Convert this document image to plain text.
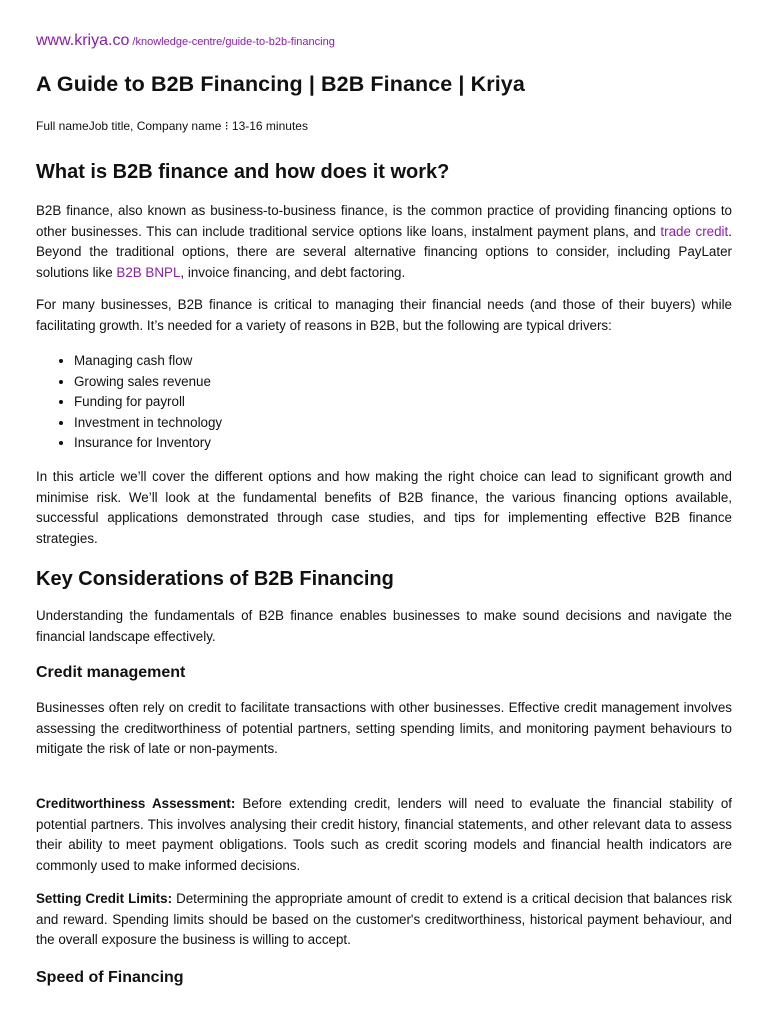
www.kriya.co /knowledge-centre/guide-to-b2b-financing
A Guide to B2B Financing | B2B Finance | Kriya
Full nameJob title, Company name ⁝ 13-16 minutes
What is B2B finance and how does it work?

B2B finance, also known as business-to-business finance, is the common practice of providing financing options to other businesses. This can include traditional service options like loans, instalment payment plans, and trade credit. Beyond the traditional options, there are several alternative financing options to consider, including PayLater solutions like B2B BNPL, invoice financing, and debt factoring.

For many businesses, B2B finance is critical to managing their financial needs (and those of their buyers) while facilitating growth. It’s needed for a variety of reasons in B2B, but the following are typical drivers:

• Managing cash flow
• Growing sales revenue
• Funding for payroll
• Investment in technology
• Insurance for Inventory

In this article we’ll cover the different options and how making the right choice can lead to significant growth and minimise risk. We’ll look at the fundamental benefits of B2B finance, the various financing options available, successful applications demonstrated through case studies, and tips for implementing effective B2B finance strategies.

Key Considerations of B2B Financing

Understanding the fundamentals of B2B finance enables businesses to make sound decisions and navigate the financial landscape effectively.

Credit management

Businesses often rely on credit to facilitate transactions with other businesses. Effective credit management involves assessing the creditworthiness of potential partners, setting spending limits, and monitoring payment behaviours to mitigate the risk of late or non-payments.

Creditworthiness Assessment: Before extending credit, lenders will need to evaluate the financial stability of potential partners. This involves analysing their credit history, financial statements, and other relevant data to assess their ability to meet payment obligations. Tools such as credit scoring models and financial health indicators are commonly used to make informed decisions.

Setting Credit Limits: Determining the appropriate amount of credit to extend is a critical decision that balances risk and reward. Spending limits should be based on the customer's creditworthiness, historical payment behaviour, and the overall exposure the business is willing to accept.

Speed of Financing
